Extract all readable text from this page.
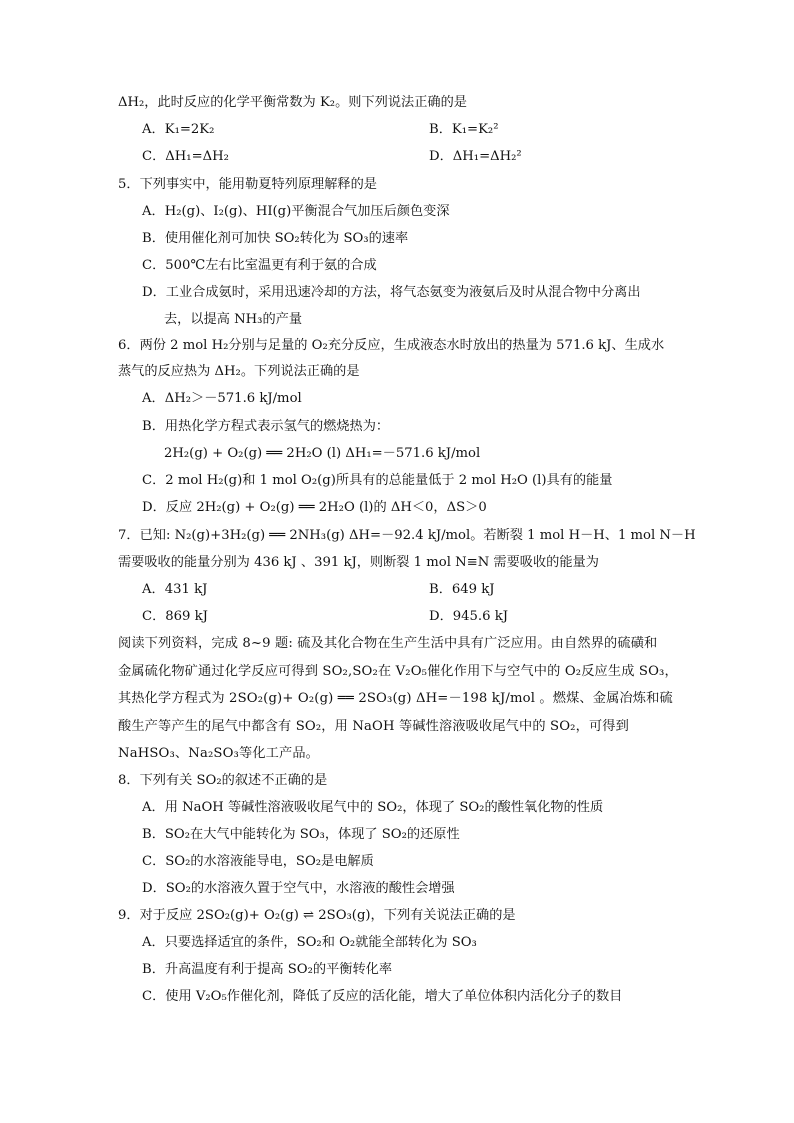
ΔH₂，此时反应的化学平衡常数为 K₂。则下列说法正确的是
A．K₁=2K₂	B．K₁=K₂²
C．ΔH₁=ΔH₂	D．ΔH₁=ΔH₂²
5．下列事实中，能用勒夏特列原理解释的是
A．H₂(g)、I₂(g)、HI(g)平衡混合气加压后颜色变深
B．使用催化剂可加快 SO₂转化为 SO₃的速率
C．500℃左右比室温更有利于氨的合成
D．工业合成氨时，采用迅速冷却的方法，将气态氨变为液氨后及时从混合物中分离出
去，以提高 NH₃的产量
6．两份 2 mol H₂分别与足量的 O₂充分反应，生成液态水时放出的热量为 571.6 kJ、生成水
蒸气的反应热为 ΔH₂。下列说法正确的是
A．ΔH₂＞－571.6 kJ/mol
B．用热化学方程式表示氢气的燃烧热为：
2H₂(g) + O₂(g) ══ 2H₂O (l) ΔH₁=－571.6 kJ/mol
C．2 mol H₂(g)和 1 mol O₂(g)所具有的总能量低于 2 mol H₂O (l)具有的能量
D．反应 2H₂(g) + O₂(g) ══ 2H₂O (l)的 ΔH＜0，ΔS＞0
7．已知: N₂(g)+3H₂(g) ══ 2NH₃(g) ΔH=－92.4 kJ/mol。若断裂 1 mol H－H、1 mol N－H
需要吸收的能量分别为 436 kJ 、391 kJ，则断裂 1 mol N≡N 需要吸收的能量为
A．431 kJ	B．649 kJ
C．869 kJ	D．945.6 kJ
阅读下列资料，完成 8~9 题: 硫及其化合物在生产生活中具有广泛应用。由自然界的硫磺和
金属硫化物矿通过化学反应可得到 SO₂,SO₂在 V₂O₅催化作用下与空气中的 O₂反应生成 SO₃，
其热化学方程式为 2SO₂(g)+ O₂(g) ══ 2SO₃(g) ΔH=－198 kJ/mol 。燃煤、金属冶炼和硫
酸生产等产生的尾气中都含有 SO₂，用 NaOH 等碱性溶液吸收尾气中的 SO₂，可得到
NaHSO₃、Na₂SO₃等化工产品。
8．下列有关 SO₂的叙述不正确的是
A．用 NaOH 等碱性溶液吸收尾气中的 SO₂，体现了 SO₂的酸性氧化物的性质
B．SO₂在大气中能转化为 SO₃，体现了 SO₂的还原性
C．SO₂的水溶液能导电，SO₂是电解质
D．SO₂的水溶液久置于空气中，水溶液的酸性会增强
9．对于反应 2SO₂(g)+ O₂(g) ⇌ 2SO₃(g)，下列有关说法正确的是
A．只要选择适宜的条件，SO₂和 O₂就能全部转化为 SO₃
B．升高温度有利于提高 SO₂的平衡转化率
C．使用 V₂O₅作催化剂，降低了反应的活化能，增大了单位体积内活化分子的数目
